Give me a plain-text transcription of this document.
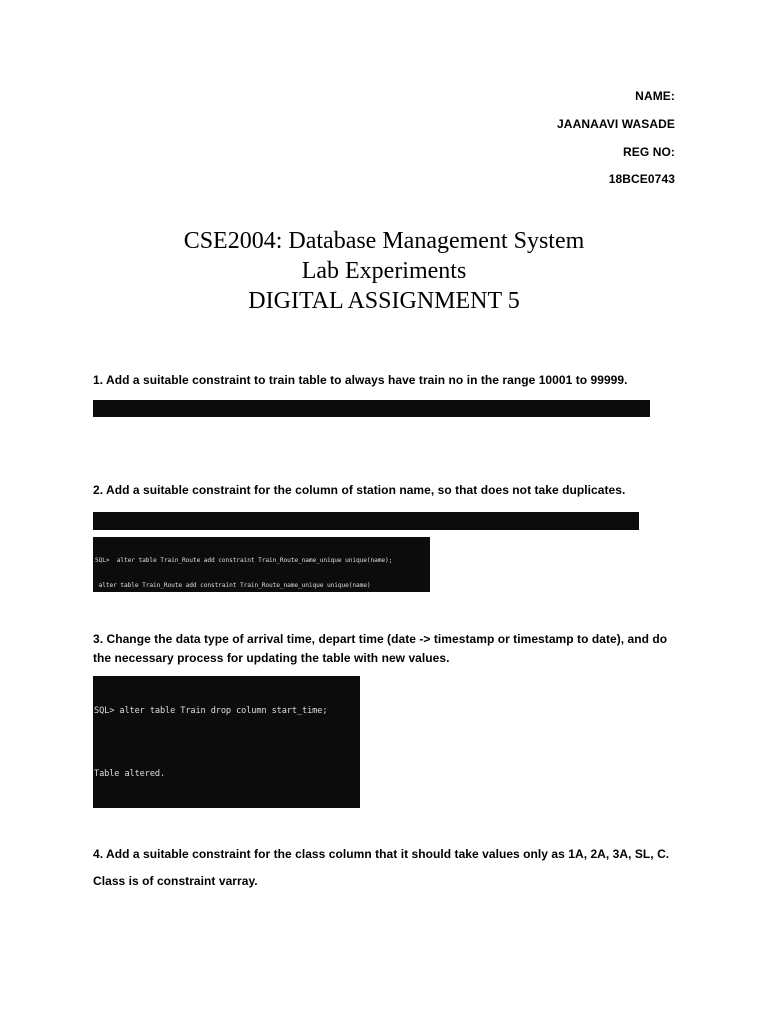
NAME:
JAANAAVI WASADE
REG NO:
18BCE0743
CSE2004: Database Management System
Lab Experiments
DIGITAL ASSIGNMENT 5
1. Add a suitable constraint to train table to always have train no in the range 10001 to 99999.

2. Add a suitable constraint for the column of station name, so that does not take duplicates.

SQL>  alter table Train_Route add constraint Train_Route_name_unique unique(name);

alter table Train_Route add constraint Train_Route_name_unique unique(name)

3. Change the data type of arrival time, depart time (date -> timestamp or timestamp to date), and do the necessary process for updating the table with new values.

SQL> alter table Train drop column start_time;

Table altered.

4. Add a suitable constraint for the class column that it should take values only as 1A, 2A, 3A, SL, C.
Class is of constraint varray.
